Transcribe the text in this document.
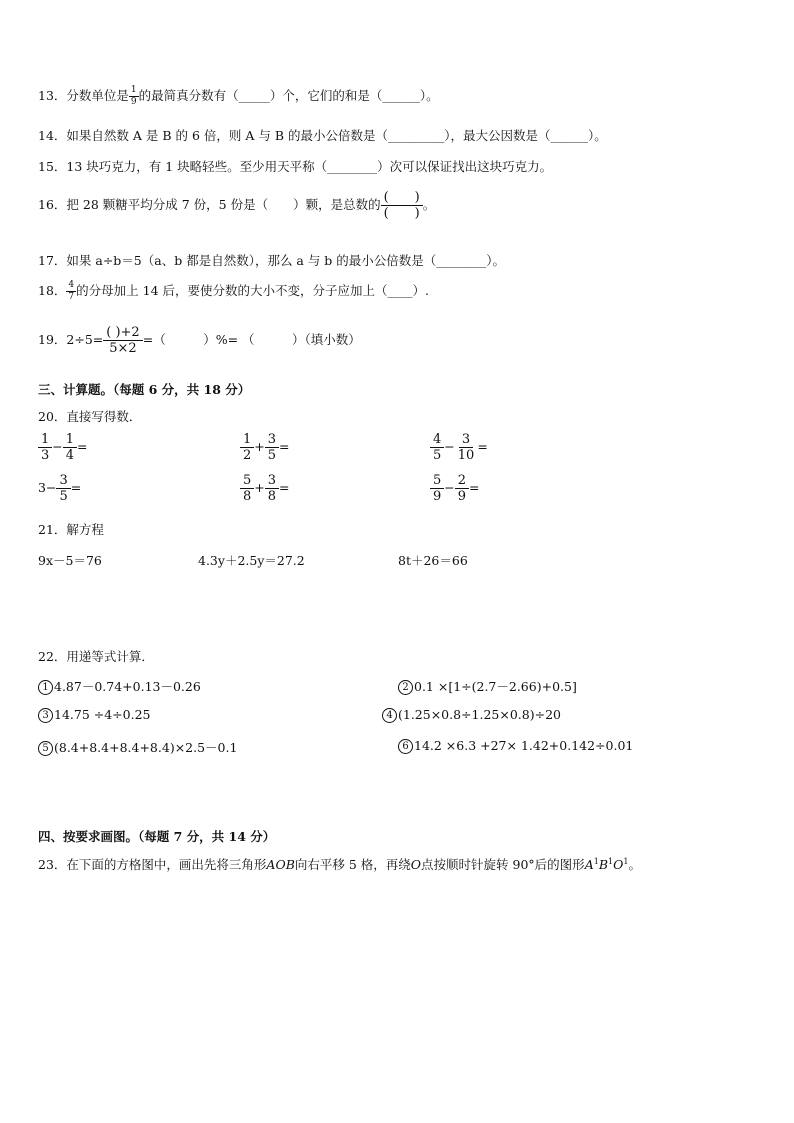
13．分数单位是 $\frac{1}{9}$ 的最简真分数有（_____）个，它们的和是（______）。
14．如果自然数 A 是 B 的 6 倍，则 A 与 B 的最小公倍数是（_________），最大公因数是（______）。
15．13 块巧克力，有 1 块略轻些。至少用天平称（________）次可以保证找出这块巧克力。
16．把 28 颗糖平均分成 7 份，5 份是（　　）颗，是总数的 $\frac{( )}{( )}$ 。
17．如果 a÷b＝5（a、b 都是自然数），那么 a 与 b 的最小公倍数是（________）。
18． $\frac{4}{7}$ 的分母加上 14 后，要使分数的大小不变，分子应加上（____）.
19．$2\div 5= \frac{( )+2}{5\times 2}$ =（　　　）%= （　　　）（填小数）
三、计算题。（每题 6 分，共 18 分）
20．直接写得数．
$\frac{1}{3} - \frac{1}{4}$ =	$\frac{1}{2} + \frac{3}{5}$ =	$\frac{4}{5} - \frac{3}{10}$ =
$3- \frac{3}{5}$ =	$\frac{5}{8} + \frac{3}{8}$ =	$\frac{5}{9} - \frac{2}{9}$ =
21．解方程
9x－5＝76	4.3y＋2.5y＝27.2	8t＋26＝66
22．用递等式计算．
1 4.87－0.74+0.13－0.26	2 0.1 ×[1÷(2.7－2.66)+0.5]
3 14.75 ÷4÷0.25	4 (1.25×0.8÷1.25×0.8)÷20
5 (8.4+8.4+8.4+8.4)×2.5－0.1	6 14.2 ×6.3 +27× 1.42+0.142÷0.01
四、按要求画图。（每题 7 分，共 14 分）
23．在下面的方格图中，画出先将三角形AOB向右平移 5 格，再绕O点按顺时针旋转 90°后的图形$A^1B^1O^1$。
